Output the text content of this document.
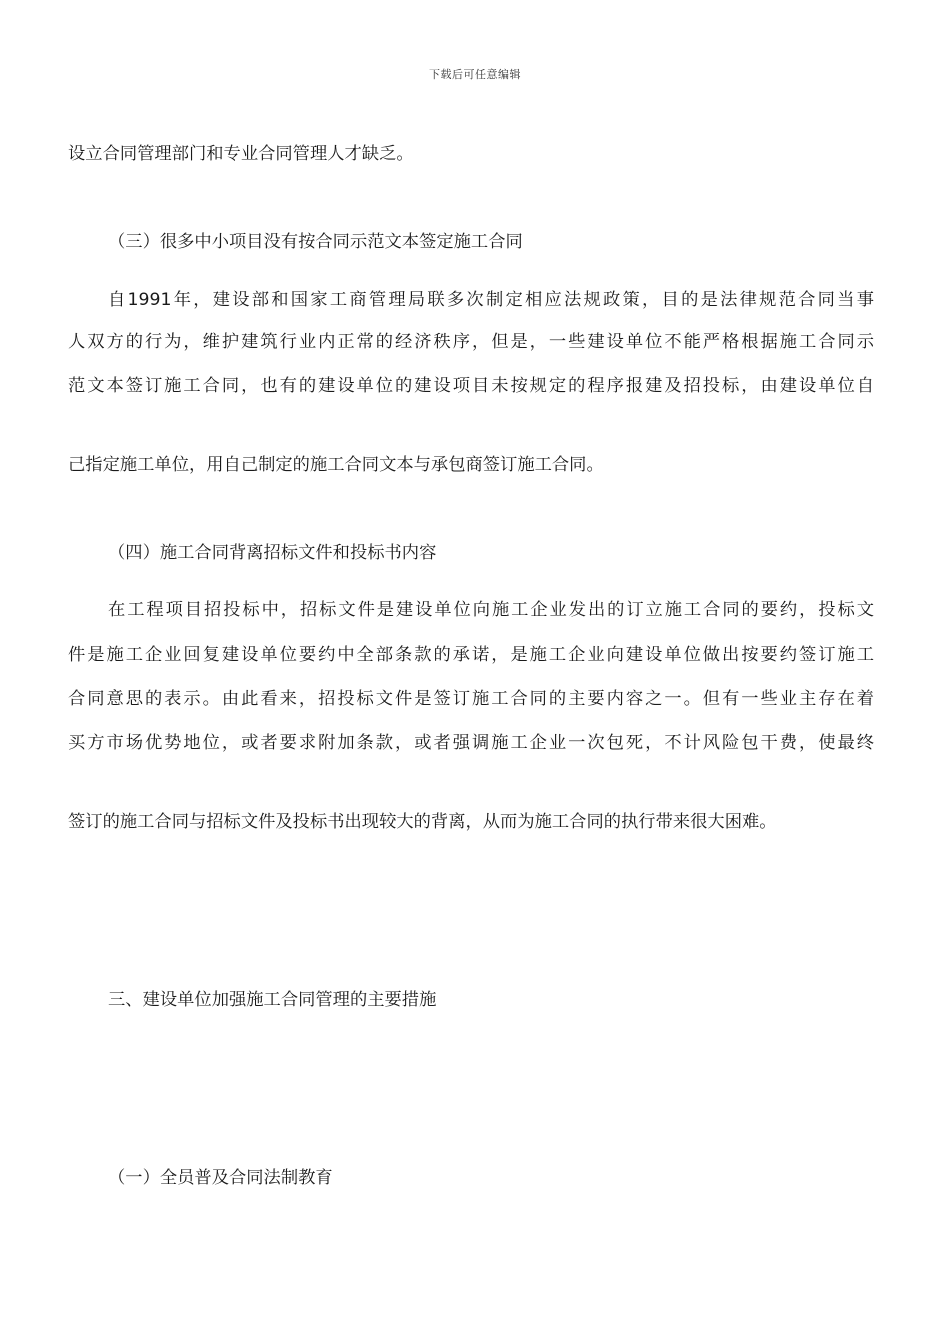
下载后可任意编辑
设立合同管理部门和专业合同管理人才缺乏。
（三）很多中小项目没有按合同示范文本签定施工合同
自1991年，建设部和国家工商管理局联多次制定相应法规政策，目的是法律规范合同当事
人双方的行为，维护建筑行业内正常的经济秩序，但是，一些建设单位不能严格根据施工合同示
范文本签订施工合同，也有的建设单位的建设项目未按规定的程序报建及招投标，由建设单位自
己指定施工单位，用自己制定的施工合同文本与承包商签订施工合同。
（四）施工合同背离招标文件和投标书内容
在工程项目招投标中，招标文件是建设单位向施工企业发出的订立施工合同的要约，投标文
件是施工企业回复建设单位要约中全部条款的承诺，是施工企业向建设单位做出按要约签订施工
合同意思的表示。由此看来，招投标文件是签订施工合同的主要内容之一。但有一些业主存在着
买方市场优势地位，或者要求附加条款，或者强调施工企业一次包死，不计风险包干费，使最终
签订的施工合同与招标文件及投标书出现较大的背离，从而为施工合同的执行带来很大困难。
三、建设单位加强施工合同管理的主要措施
（一）全员普及合同法制教育
